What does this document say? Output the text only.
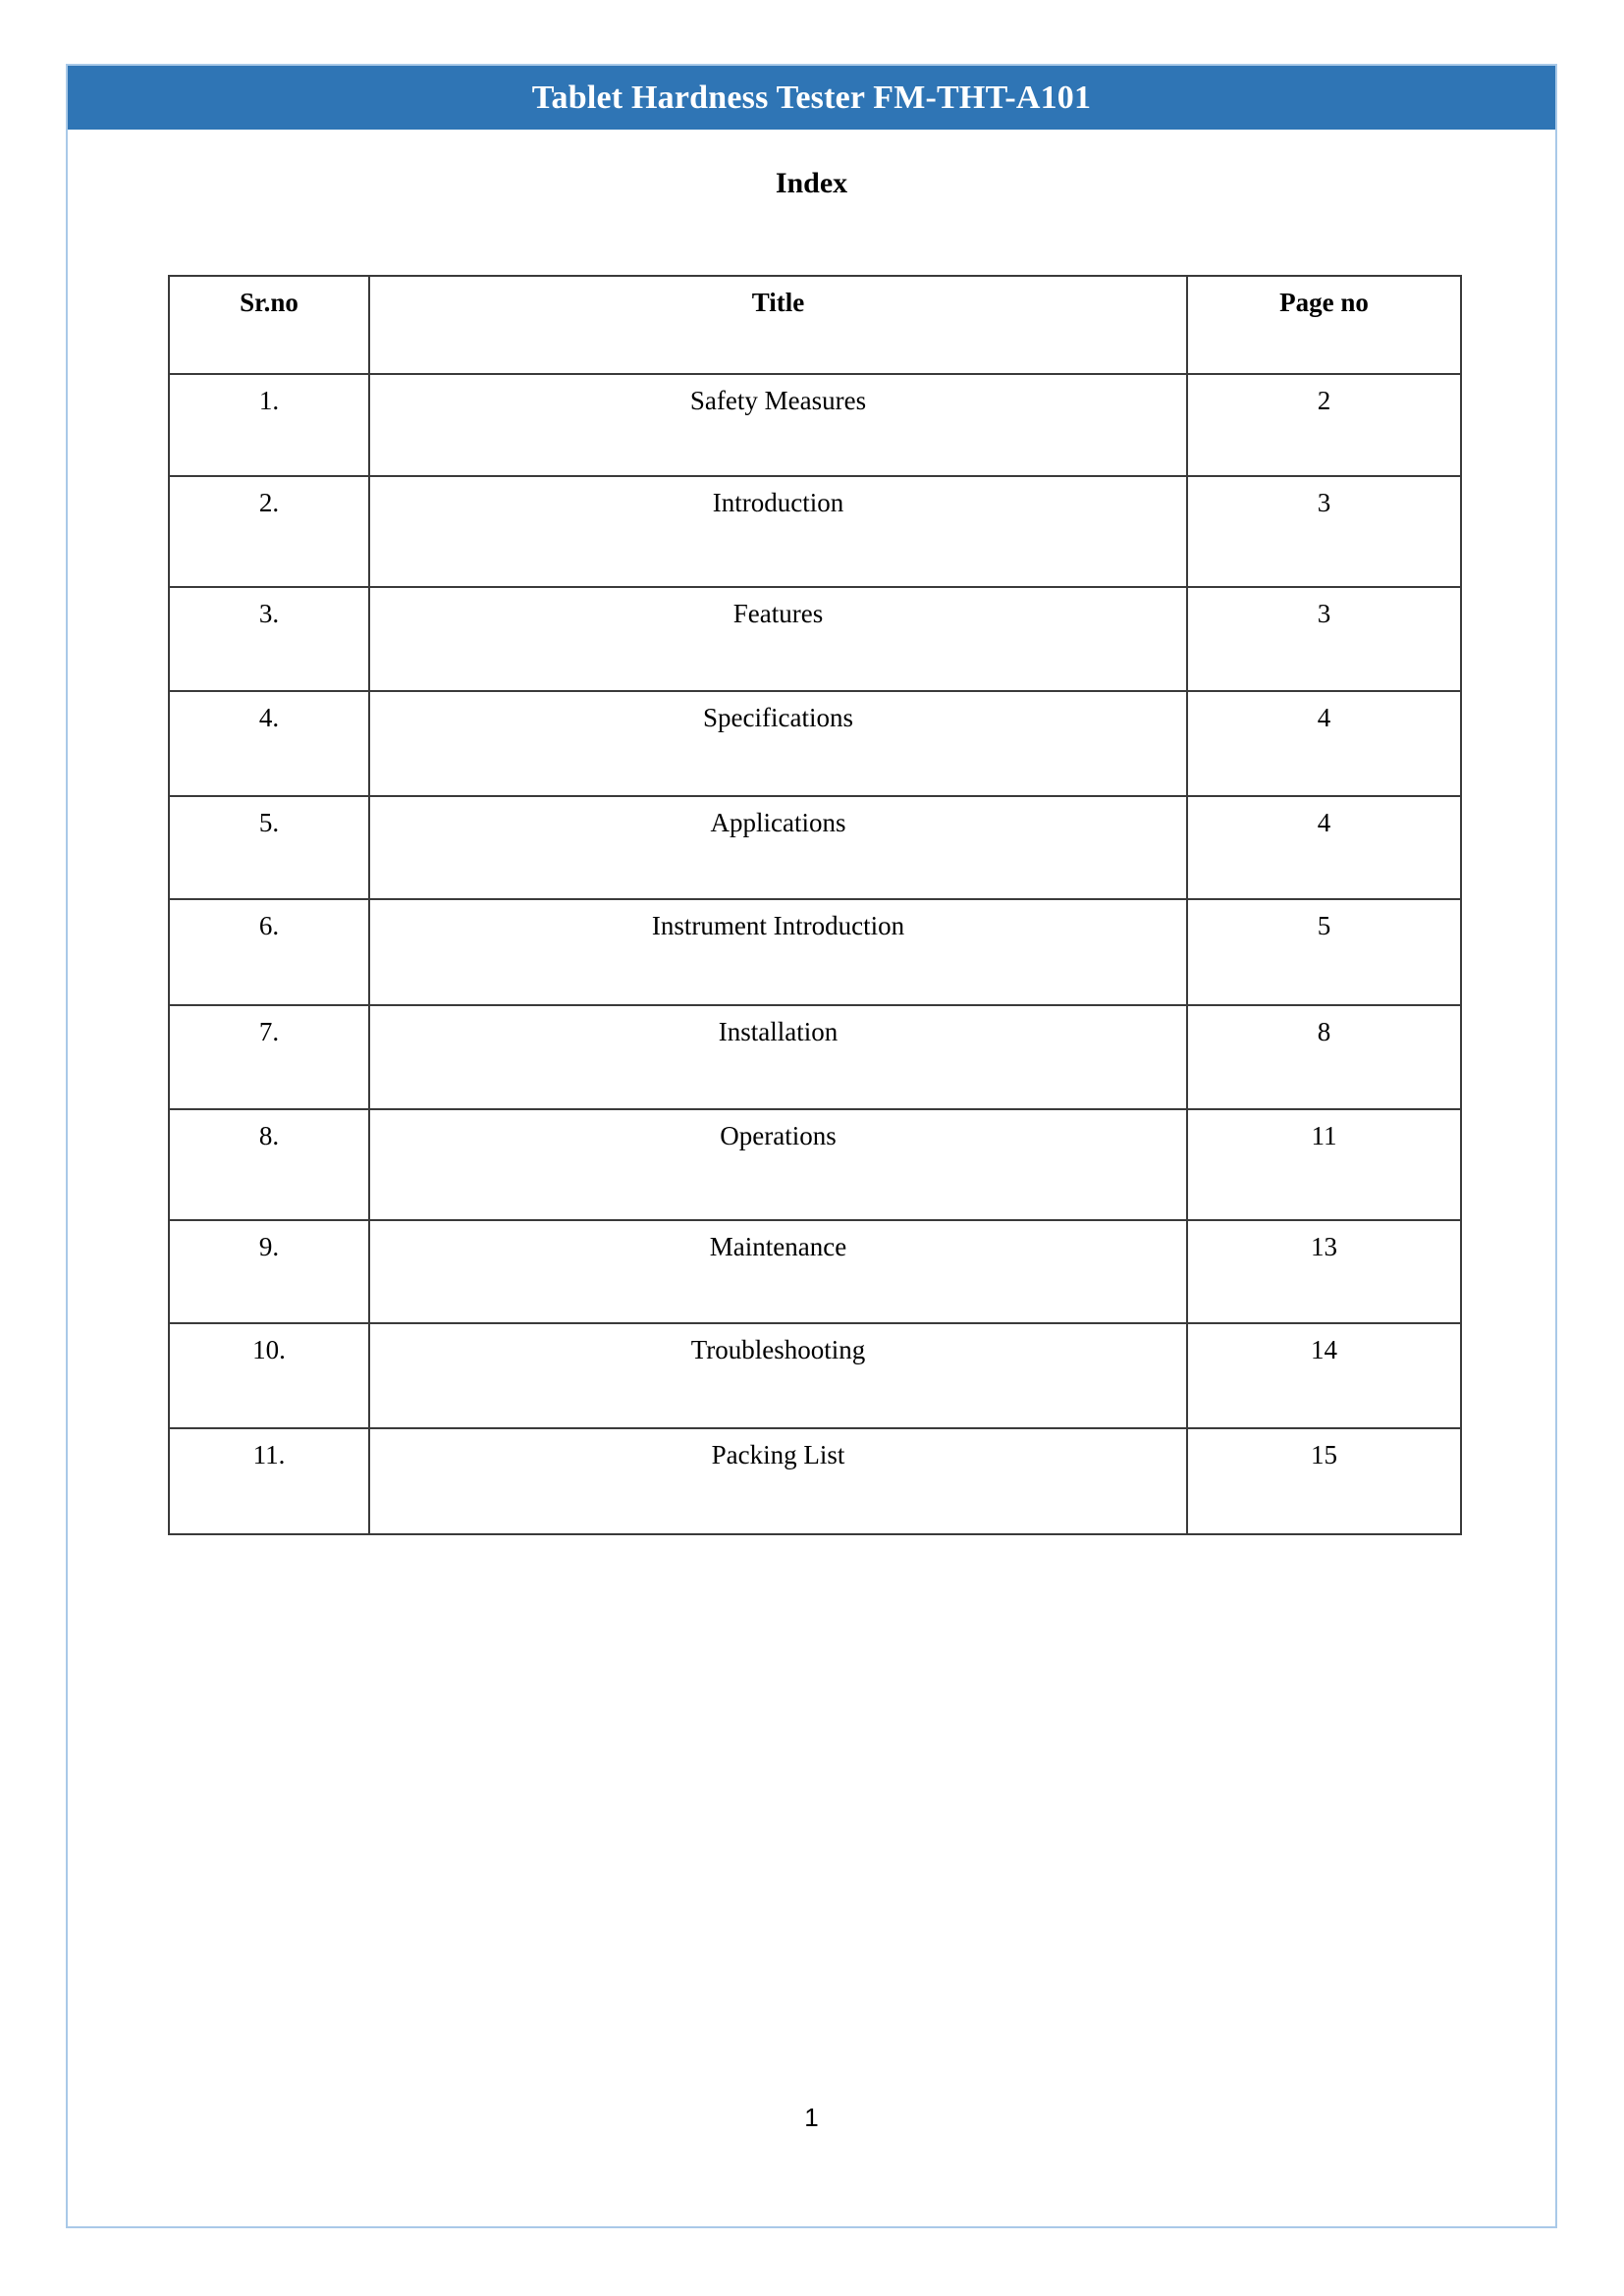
Tablet Hardness Tester FM-THT-A101
Index
Sr.no	Title	Page no
1.	Safety Measures	2
2.	Introduction	3
3.	Features	3
4.	Specifications	4
5.	Applications	4
6.	Instrument Introduction	5
7.	Installation	8
8.	Operations	11
9.	Maintenance	13
10.	Troubleshooting	14
11.	Packing List	15
1
